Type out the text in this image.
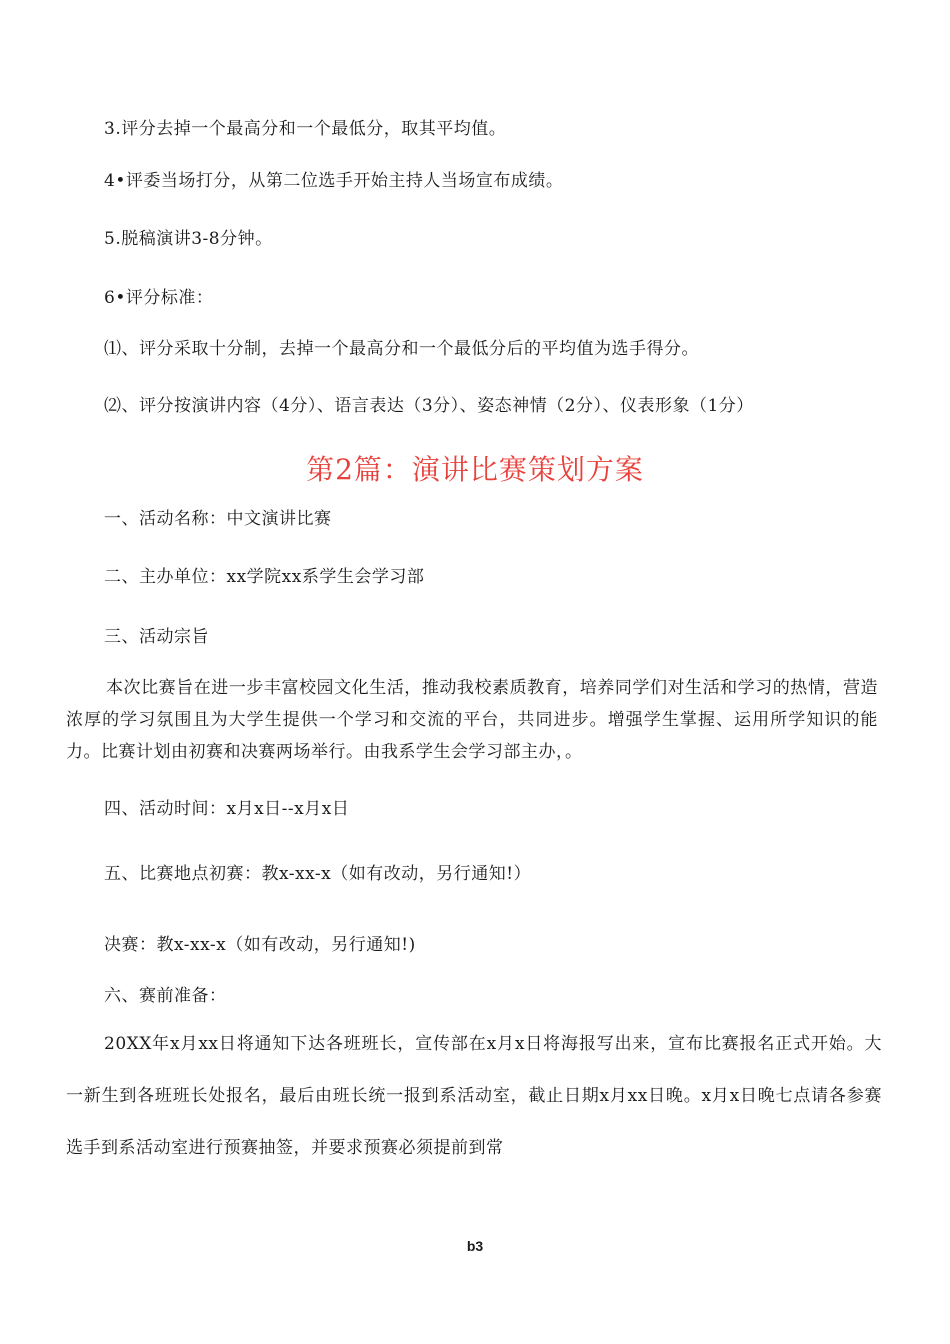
3.评分去掉一个最高分和一个最低分，取其平均值。
4•评委当场打分，从第二位选手开始主持人当场宣布成绩。
5.脱稿演讲3-8分钟。
6•评分标准：
⑴、评分采取十分制，去掉一个最高分和一个最低分后的平均值为选手得分。
⑵、评分按演讲内容（4分）、语言表达（3分）、姿态神情（2分）、仪表形象（1分）
第2篇：演讲比赛策划方案
一、活动名称：中文演讲比赛
二、主办单位：xx学院xx系学生会学习部
三、活动宗旨
本次比赛旨在进一步丰富校园文化生活，推动我校素质教育，培养同学们对生活和学习的热情，营造浓厚的学习氛围且为大学生提供一个学习和交流的平台，共同进步。增强学生掌握、运用所学知识的能力。比赛计划由初赛和决赛两场举行。由我系学生会学习部主办，。
四、活动时间：x月x日--x月x日
五、比赛地点初赛：教x-xx-x（如有改动，另行通知!）
决赛：教x-xx-x（如有改动，另行通知!)
六、赛前准备：
20XX年x月xx日将通知下达各班班长，宣传部在x月x日将海报写出来，宣布比赛报名正式开始。大一新生到各班班长处报名，最后由班长统一报到系活动室，截止日期x月xx日晚。x月x日晚七点请各参赛选手到系活动室进行预赛抽签，并要求预赛必须提前到常
b3
